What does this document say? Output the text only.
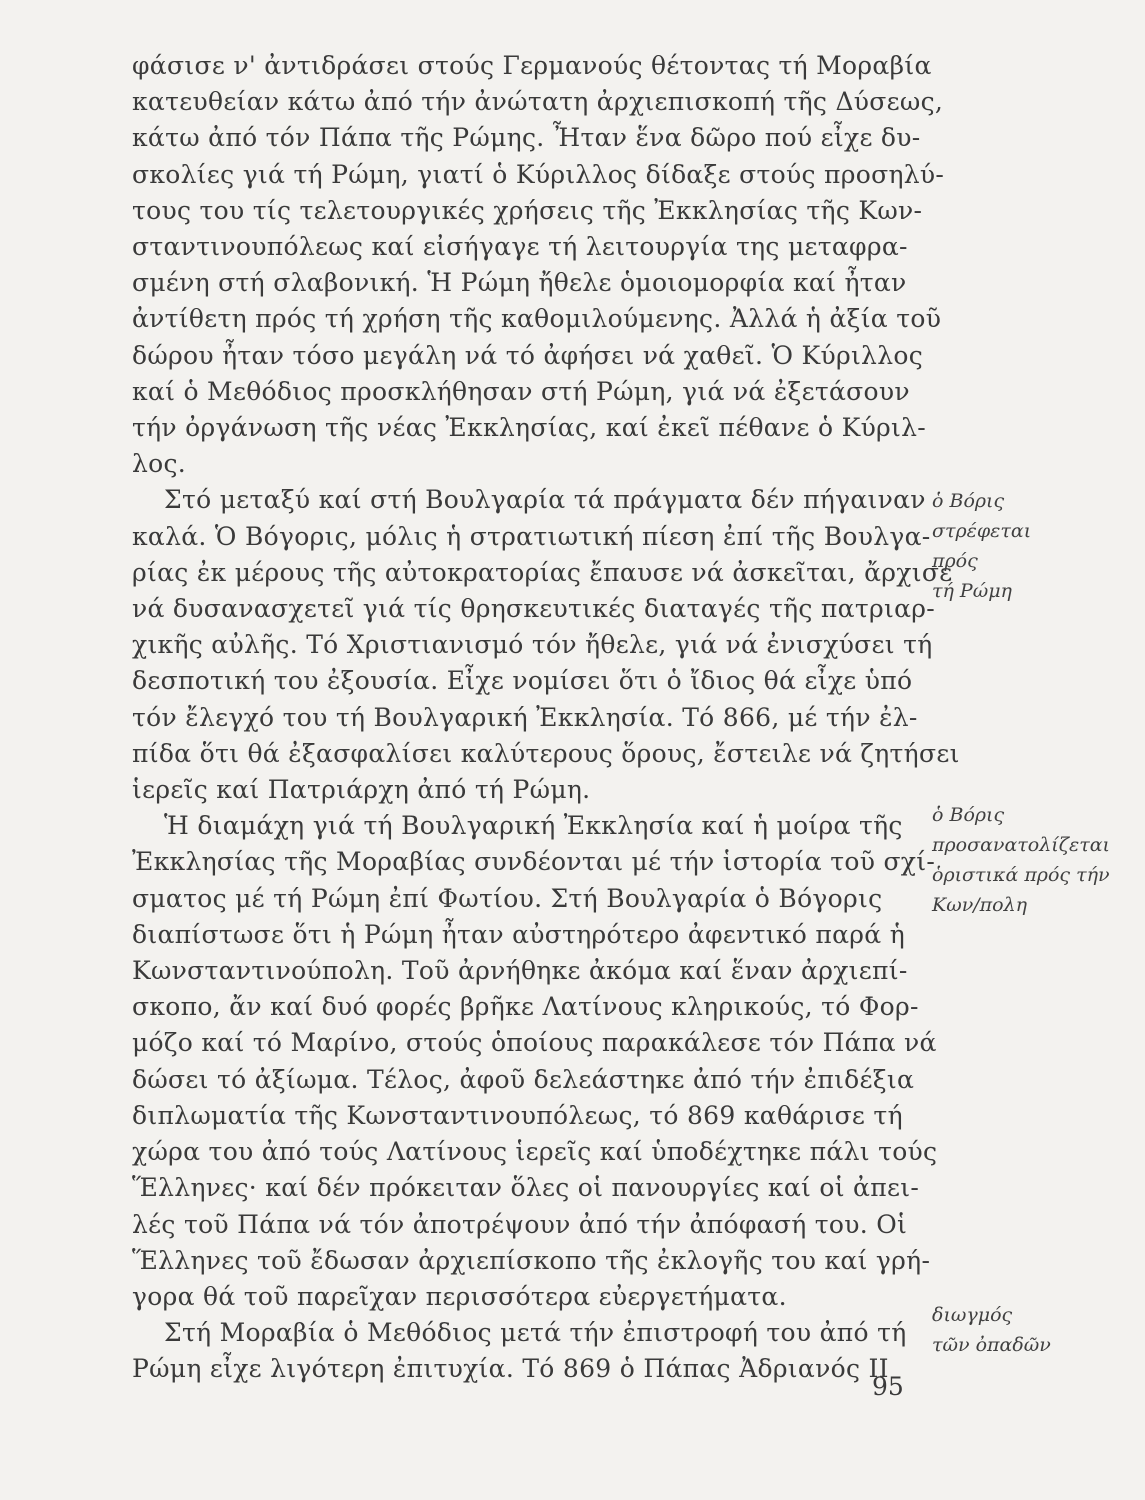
φάσισε ν' ἀντιδράσει στούς Γερμανούς θέτοντας τή Μοραβία
κατευθείαν κάτω ἀπό τήν ἀνώτατη ἀρχιεπισκοπή τῆς Δύσεως,
κάτω ἀπό τόν Πάπα τῆς Ρώμης. Ἦταν ἕνα δῶρο πού εἶχε δυ-
σκολίες γιά τή Ρώμη, γιατί ὁ Κύριλλος δίδαξε στούς προσηλύ-
τους του τίς τελετουργικές χρήσεις τῆς Ἐκκλησίας τῆς Κων-
σταντινουπόλεως καί εἰσήγαγε τή λειτουργία της μεταφρα-
σμένη στή σλαβονική. Ἡ Ρώμη ἤθελε ὁμοιομορφία καί ἦταν
ἀντίθετη πρός τή χρήση τῆς καθομιλούμενης. Ἀλλά ἡ ἀξία τοῦ
δώρου ἦταν τόσο μεγάλη νά τό ἀφήσει νά χαθεῖ. Ὁ Κύριλλος
καί ὁ Μεθόδιος προσκλήθησαν στή Ρώμη, γιά νά ἐξετάσουν
τήν ὀργάνωση τῆς νέας Ἐκκλησίας, καί ἐκεῖ πέθανε ὁ Κύριλ-
λος.

Στό μεταξύ καί στή Βουλγαρία τά πράγματα δέν πήγαιναν
καλά. Ὁ Βόγορις, μόλις ἡ στρατιωτική πίεση ἐπί τῆς Βουλγα-
ρίας ἐκ μέρους τῆς αὐτοκρατορίας ἔπαυσε νά ἀσκεῖται, ἄρχισε
νά δυσανασχετεῖ γιά τίς θρησκευτικές διαταγές τῆς πατριαρ-
χικῆς αὐλῆς. Τό Χριστιανισμό τόν ἤθελε, γιά νά ἐνισχύσει τή
δεσποτική του ἐξουσία. Εἶχε νομίσει ὅτι ὁ ἴδιος θά εἶχε ὑπό
τόν ἔλεγχό του τή Βουλγαρική Ἐκκλησία. Τό 866, μέ τήν ἐλ-
πίδα ὅτι θά ἐξασφαλίσει καλύτερους ὅρους, ἔστειλε νά ζητήσει
ἱερεῖς καί Πατριάρχη ἀπό τή Ρώμη.

Ἡ διαμάχη γιά τή Βουλγαρική Ἐκκλησία καί ἡ μοίρα τῆς
Ἐκκλησίας τῆς Μοραβίας συνδέονται μέ τήν ἱστορία τοῦ σχί-
σματος μέ τή Ρώμη ἐπί Φωτίου. Στή Βουλγαρία ὁ Βόγορις
διαπίστωσε ὅτι ἡ Ρώμη ἦταν αὐστηρότερο ἀφεντικό παρά ἡ
Κωνσταντινούπολη. Τοῦ ἀρνήθηκε ἀκόμα καί ἕναν ἀρχιεπί-
σκοπο, ἄν καί δυό φορές βρῆκε Λατίνους κληρικούς, τό Φορ-
μόζο καί τό Μαρίνο, στούς ὁποίους παρακάλεσε τόν Πάπα νά
δώσει τό ἀξίωμα. Τέλος, ἀφοῦ δελεάστηκε ἀπό τήν ἐπιδέξια
διπλωματία τῆς Κωνσταντινουπόλεως, τό 869 καθάρισε τή
χώρα του ἀπό τούς Λατίνους ἱερεῖς καί ὑποδέχτηκε πάλι τούς
Ἕλληνες· καί δέν πρόκειταν ὅλες οἱ πανουργίες καί οἱ ἀπει-
λές τοῦ Πάπα νά τόν ἀποτρέψουν ἀπό τήν ἀπόφασή του. Οἱ
Ἕλληνες τοῦ ἔδωσαν ἀρχιεπίσκοπο τῆς ἐκλογῆς του καί γρή-
γορα θά τοῦ παρεῖχαν περισσότερα εὐεργετήματα.

Στή Μοραβία ὁ Μεθόδιος μετά τήν ἐπιστροφή του ἀπό τή
Ρώμη εἶχε λιγότερη ἐπιτυχία. Τό 869 ὁ Πάπας Ἀδριανός ΙΙ

ὁ Βόρις
στρέφεται
πρός
τή Ρώμη
ὁ Βόρις
προσανατολίζεται
ὁριστικά πρός τήν
Κων/πολη
διωγμός
τῶν ὀπαδῶν
95
